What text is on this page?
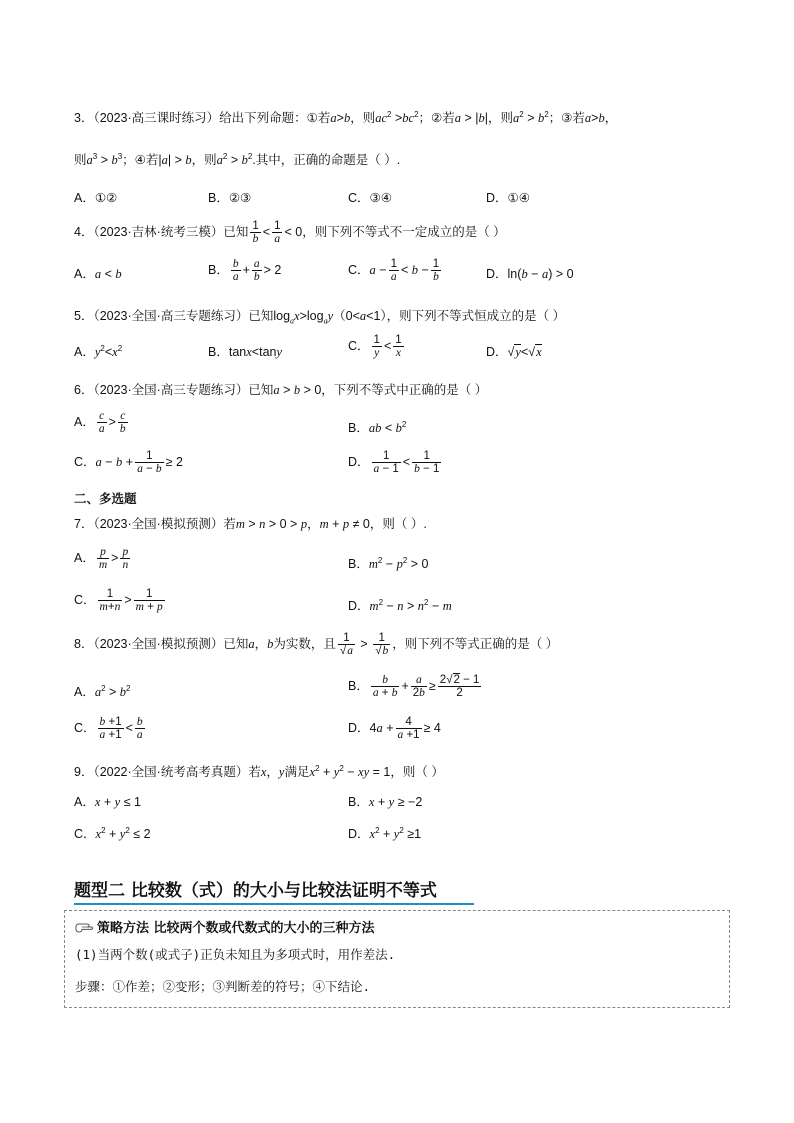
3．（2023·高三课时练习）给出下列命题：①若a>b，则$ac^2 >bc^2$；②若a > |b|，则$a^2 > b^2$；③若a>b，
则$a^3 > b^3$；④若|a| > b，则$a^2 > b^2$.其中，正确的命题是（ ）.
A．①②	B．②③	C．③④	D．①④
4．（2023·吉林·统考三模）已知 $\frac{1}{b} < \frac{1}{a} < 0$，则下列不等式不一定成立的是（ ）
A．a < b	B． $\frac{b}{a} + \frac{a}{b} > 2$	C．$a - \frac{1}{a} < b - \frac{1}{b}$	D．ln(b − a) > 0
5．（2023·全国·高三专题练习）已知$\log_ax>\log_ay(0<a<1)$，则下列不等式恒成立的是（ ）
A．$y^2<x^2$	B．tanx<tany	C． $\frac{1}{y} < \frac{1}{x}$	D．√y<√x
6．（2023·全国·高三专题练习）已知a > b > 0，下列不等式中正确的是（ ）
A． $\frac{c}{a} > \frac{c}{b}$	B．ab < $b^2$
C．$a - b + \frac{1}{a - b} \ge 2$	D． $\frac{1}{a - 1} < \frac{1}{b - 1}$
二、多选题
7．（2023·全国·模拟预测）若m > n > 0 > p，m + p ≠ 0，则（ ）.
A． $\frac{p}{m} > \frac{p}{n}$	B．$m^2 - p^2 > 0$
C． $\frac{1}{m+n} > \frac{1}{m + p}$	D．$m^2 - n > n^2 - m$
8．（2023·全国·模拟预测）已知a，b为实数，且 $\frac{1}{√a} > \frac{1}{√b}$ ，则下列不等式正确的是（ ）
A．$a^2 > b^2$	B． $\frac{b}{a + b} + \frac{a}{2b} \ge \frac{2√2 - 1}{2}$
C． $\frac{b +1}{a +1} < \frac{b}{a}$	D．$4a + \frac{4}{a +1} \ge 4$
9．（2022·全国·统考高考真题）若x，y满足$x^2 + y^2$ − xy = 1，则（ ）
A．x + y ≤ 1	B．x + y ≥ −2
C．$x^2 + y^2 \le 2$	D．$x^2 + y^2 \ge 1$
题型二 比较数（式）的大小与比较法证明不等式
策略方法 比较两个数或代数式的大小的三种方法
(1)当两个数(或式子)正负未知且为多项式时，用作差法.
步骤：①作差；②变形；③判断差的符号；④下结论.
